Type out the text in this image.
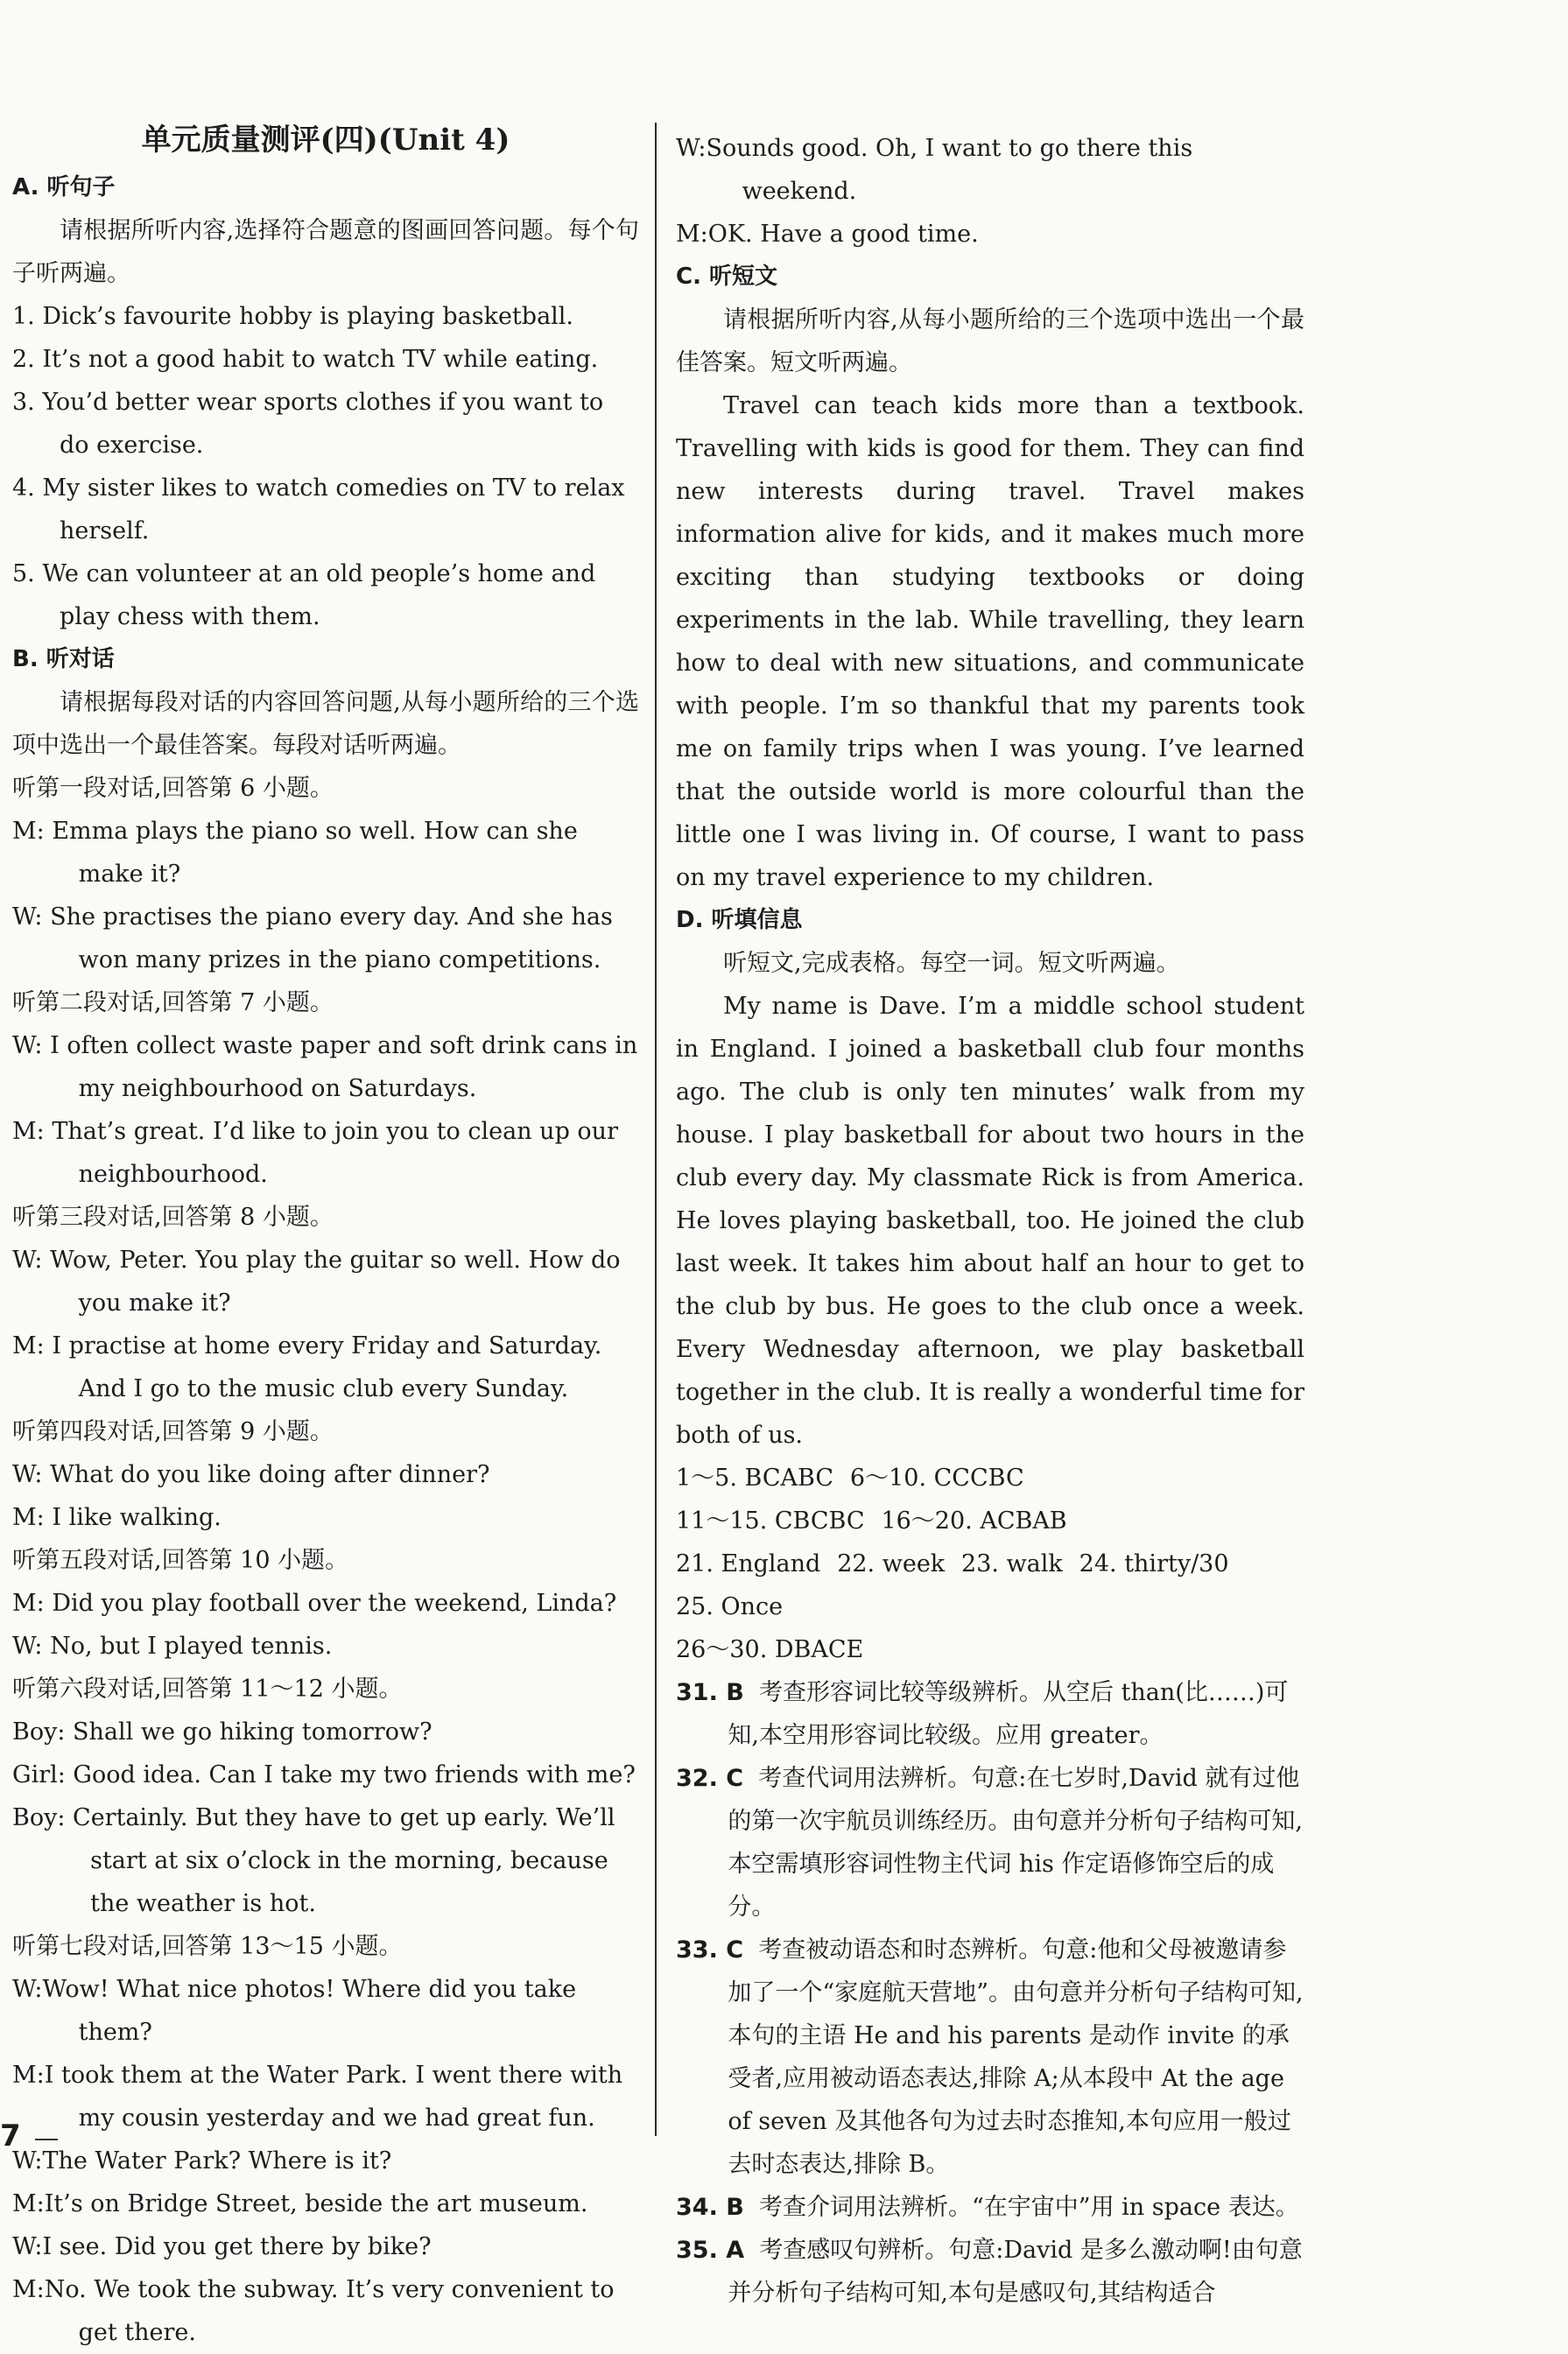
单元质量测评(四)(Unit 4)
A. 听句子
请根据所听内容,选择符合题意的图画回答问题。每个句子听两遍。
1. Dick’s favourite hobby is playing basketball.
2. It’s not a good habit to watch TV while eating.
3. You’d better wear sports clothes if you want to do exercise.
4. My sister likes to watch comedies on TV to relax herself.
5. We can volunteer at an old people’s home and play chess with them.
B. 听对话
请根据每段对话的内容回答问题,从每小题所给的三个选项中选出一个最佳答案。每段对话听两遍。
听第一段对话,回答第 6 小题。
M: Emma plays the piano so well. How can she make it?
W: She practises the piano every day. And she has won many prizes in the piano competitions.
听第二段对话,回答第 7 小题。
W: I often collect waste paper and soft drink cans in my neighbourhood on Saturdays.
M: That’s great. I’d like to join you to clean up our neighbourhood.
听第三段对话,回答第 8 小题。
W: Wow, Peter. You play the guitar so well. How do you make it?
M: I practise at home every Friday and Saturday. And I go to the music club every Sunday.
听第四段对话,回答第 9 小题。
W: What do you like doing after dinner?
M: I like walking.
听第五段对话,回答第 10 小题。
M: Did you play football over the weekend, Linda?
W: No, but I played tennis.
听第六段对话,回答第 11～12 小题。
Boy: Shall we go hiking tomorrow?
Girl: Good idea. Can I take my two friends with me?
Boy: Certainly. But they have to get up early. We’ll start at six o’clock in the morning, because the weather is hot.
听第七段对话,回答第 13～15 小题。
W:Wow! What nice photos! Where did you take them?
M:I took them at the Water Park. I went there with my cousin yesterday and we had great fun.
W:The Water Park? Where is it?
M:It’s on Bridge Street, beside the art museum.
W:I see. Did you get there by bike?
M:No. We took the subway. It’s very convenient to get there.
W:Sounds good. Oh, I want to go there this weekend.
M:OK. Have a good time.
C. 听短文
请根据所听内容,从每小题所给的三个选项中选出一个最佳答案。短文听两遍。
Travel can teach kids more than a textbook. Travelling with kids is good for them. They can find new interests during travel. Travel makes information alive for kids, and it makes much more exciting than studying textbooks or doing experiments in the lab. While travelling, they learn how to deal with new situations, and communicate with people. I’m so thankful that my parents took me on family trips when I was young. I’ve learned that the outside world is more colourful than the little one I was living in. Of course, I want to pass on my travel experience to my children.
D. 听填信息
听短文,完成表格。每空一词。短文听两遍。
My name is Dave. I’m a middle school student in England. I joined a basketball club four months ago. The club is only ten minutes’ walk from my house. I play basketball for about two hours in the club every day. My classmate Rick is from America. He loves playing basketball, too. He joined the club last week. It takes him about half an hour to get to the club by bus. He goes to the club once a week. Every Wednesday afternoon, we play basketball together in the club. It is really a wonderful time for both of us.
1～5. BCABC 6～10. CCCBC
11～15. CBCBC 16～20. ACBAB
21. England 22. week 23. walk 24. thirty/30
25. Once
26～30. DBACE
31. B 考查形容词比较等级辨析。从空后 than(比……)可知,本空用形容词比较级。应用 greater。
32. C 考查代词用法辨析。句意:在七岁时,David 就有过他的第一次宇航员训练经历。由句意并分析句子结构可知,本空需填形容词性物主代词 his 作定语修饰空后的成分。
33. C 考查被动语态和时态辨析。句意:他和父母被邀请参加了一个“家庭航天营地”。由句意并分析句子结构可知,本句的主语 He and his parents 是动作 invite 的承受者,应用被动语态表达,排除 A;从本段中 At the age of seven 及其他各句为过去时态推知,本句应用一般过去时态表达,排除 B。
34. B 考查介词用法辨析。“在宇宙中”用 in space 表达。
35. A 考查感叹句辨析。句意:David 是多么激动啊!由句意并分析句子结构可知,本句是感叹句,其结构适合
7
